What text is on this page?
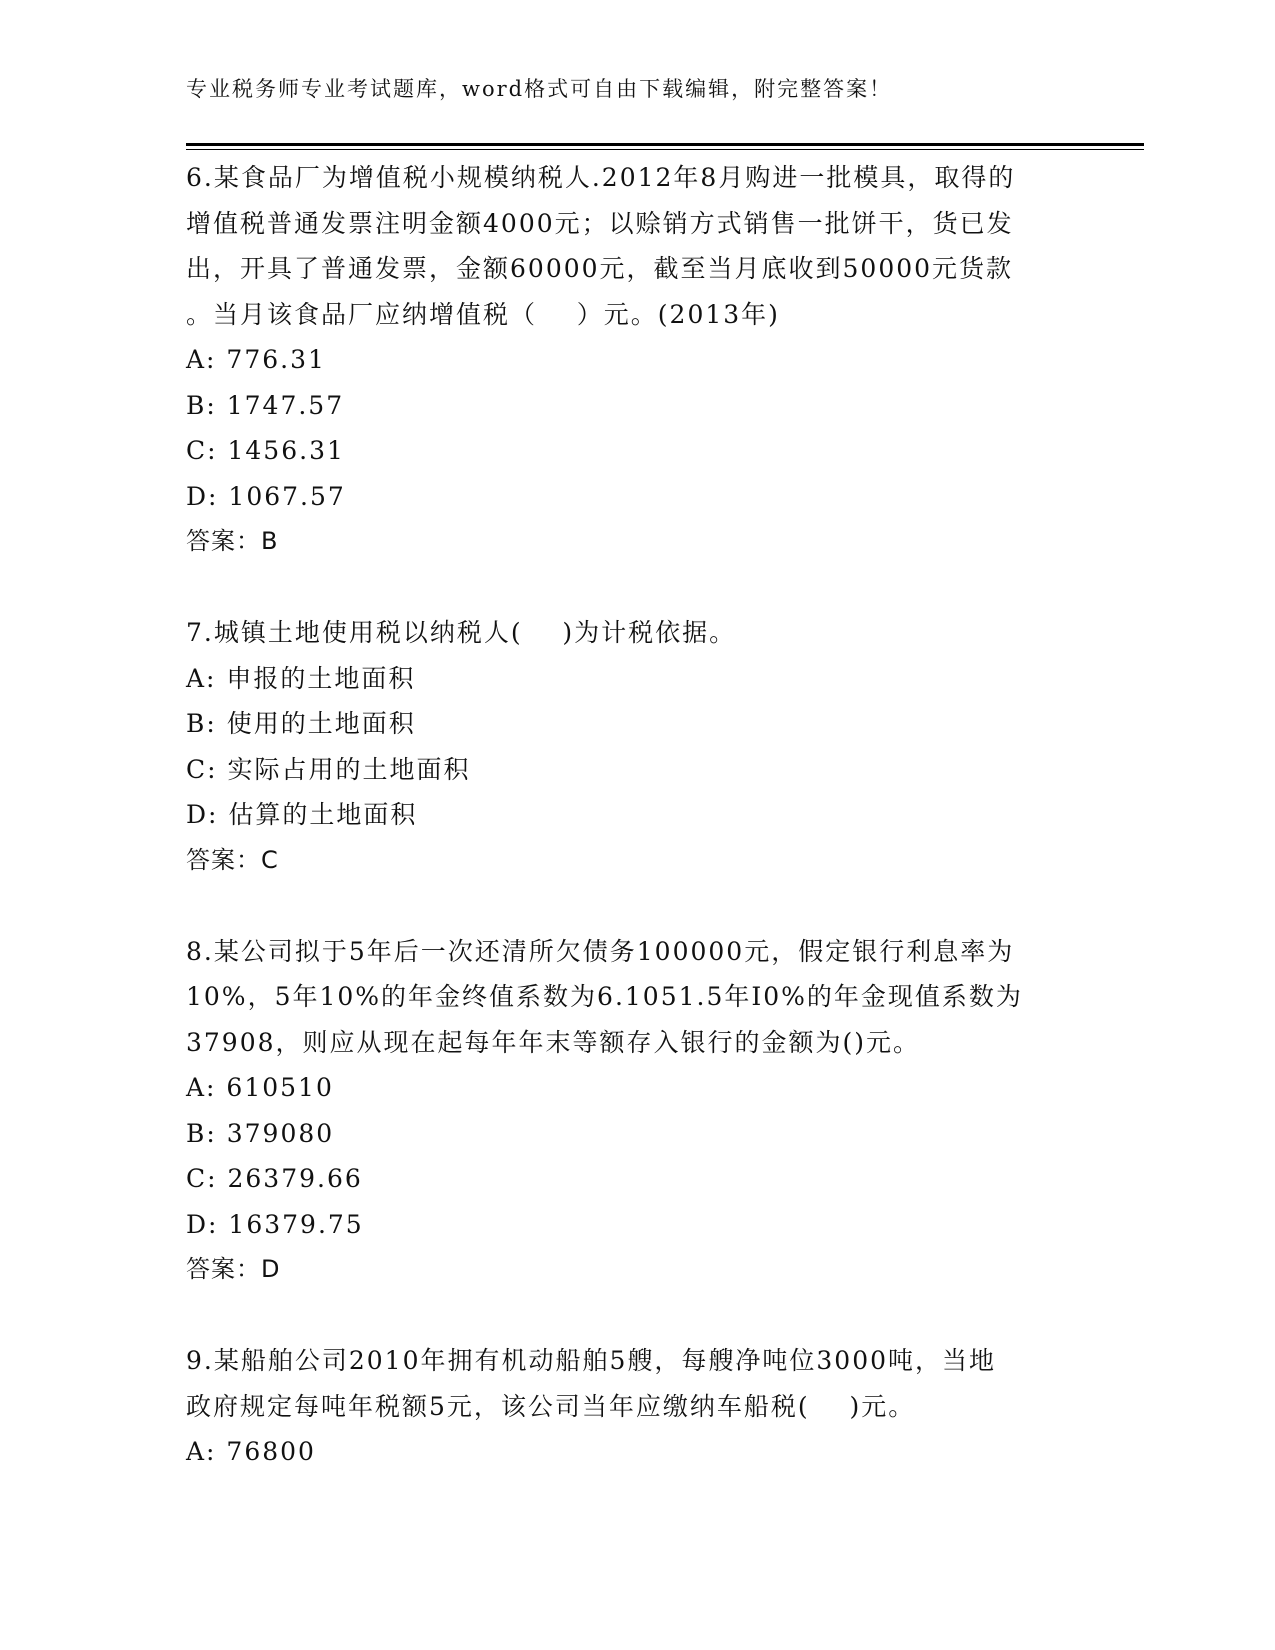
专业税务师专业考试题库，word格式可自由下载编辑，附完整答案！
6.某食品厂为增值税小规模纳税人.2012年8月购进一批模具，取得的
增值税普通发票注明金额4000元；以赊销方式销售一批饼干，货已发
出，开具了普通发票，金额60000元，截至当月底收到50000元货款
。当月该食品厂应纳增值税（    ）元。(2013年)
A: 776.31
B: 1747.57
C: 1456.31
D: 1067.57
答案：B
7.城镇土地使用税以纳税人(    )为计税依据。
A: 申报的土地面积
B: 使用的土地面积
C: 实际占用的土地面积
D: 估算的土地面积
答案：C
8.某公司拟于5年后一次还清所欠债务100000元，假定银行利息率为
10%，5年10%的年金终值系数为6.1051.5年I0%的年金现值系数为
37908，则应从现在起每年年末等额存入银行的金额为()元。
A: 610510
B: 379080
C: 26379.66
D: 16379.75
答案：D
9.某船舶公司2010年拥有机动船舶5艘，每艘净吨位3000吨，当地
政府规定每吨年税额5元，该公司当年应缴纳车船税(    )元。
A: 76800
